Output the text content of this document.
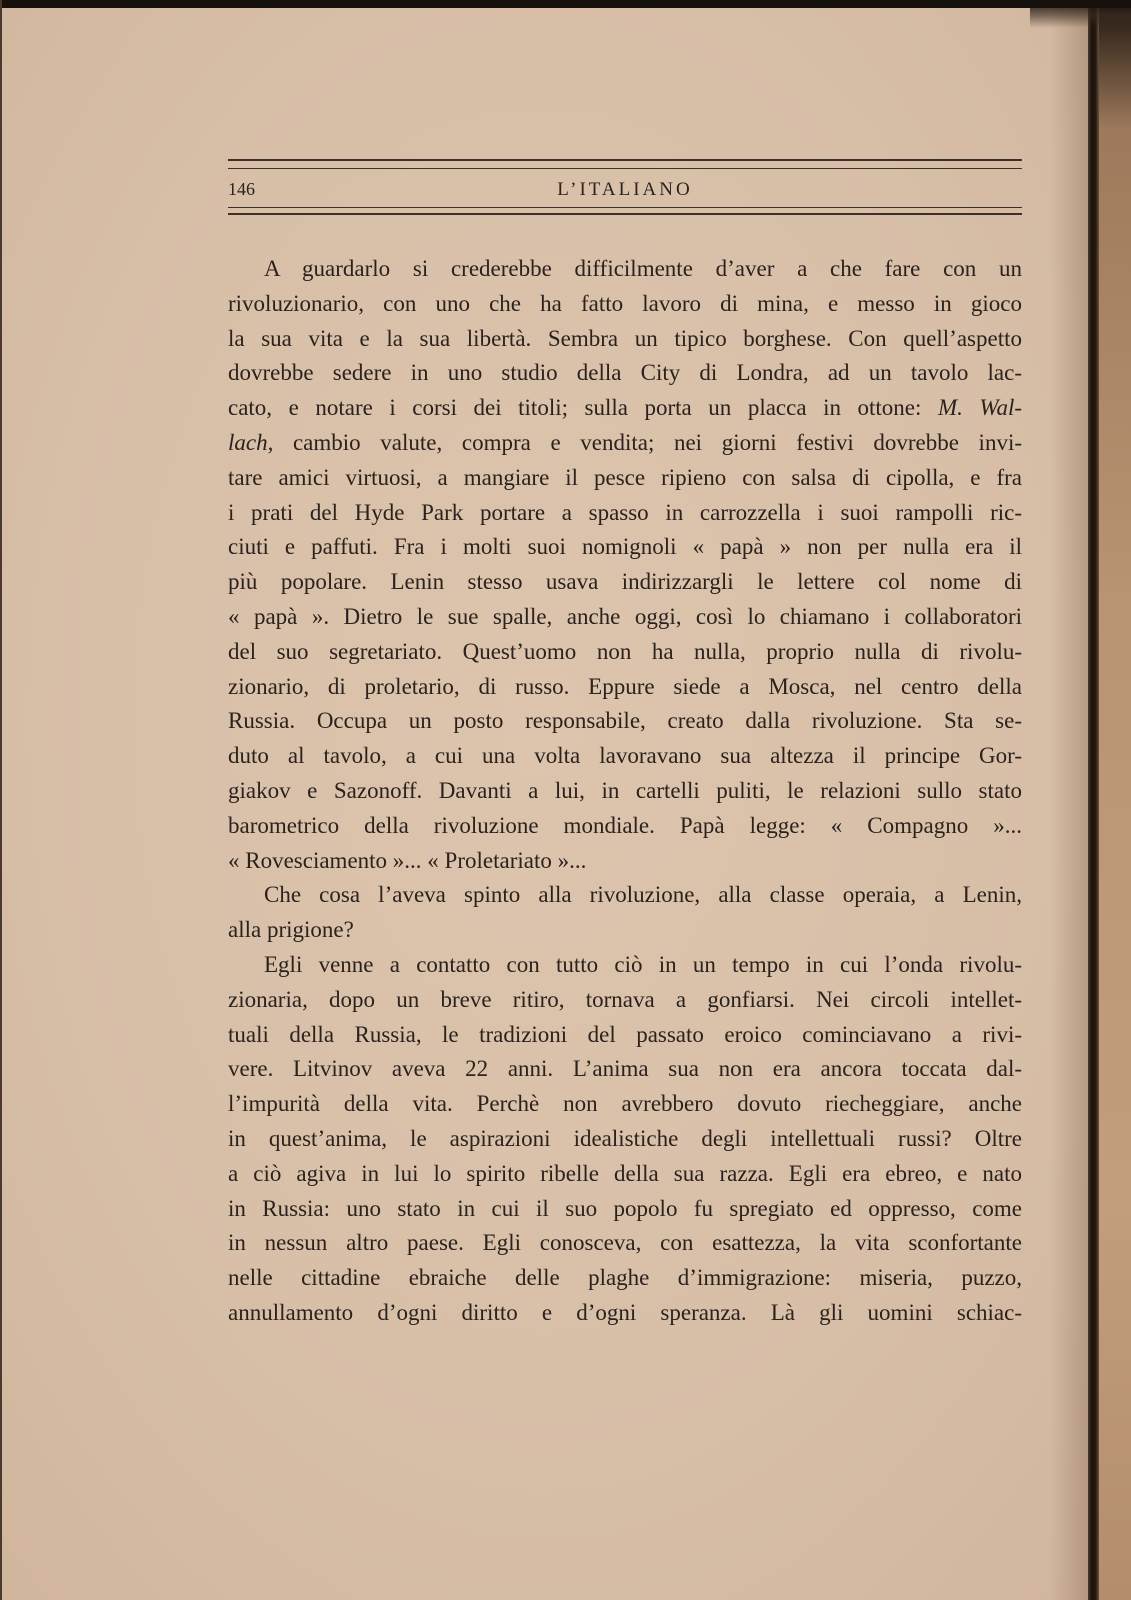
146	L’ITALIANO
A guardarlo si crederebbe difficilmente d’aver a che fare con un
rivoluzionario, con uno che ha fatto lavoro di mina, e messo in gioco
la sua vita e la sua libertà. Sembra un tipico borghese. Con quell’aspetto
dovrebbe sedere in uno studio della City di Londra, ad un tavolo lac-
cato, e notare i corsi dei titoli; sulla porta un placca in ottone: M. Wal-
lach, cambio valute, compra e vendita; nei giorni festivi dovrebbe invi-
tare amici virtuosi, a mangiare il pesce ripieno con salsa di cipolla, e fra
i prati del Hyde Park portare a spasso in carrozzella i suoi rampolli ric-
ciuti e paffuti. Fra i molti suoi nomignoli « papà » non per nulla era il
più popolare. Lenin stesso usava indirizzargli le lettere col nome di
« papà ». Dietro le sue spalle, anche oggi, così lo chiamano i collaboratori
del suo segretariato. Quest’uomo non ha nulla, proprio nulla di rivolu-
zionario, di proletario, di russo. Eppure siede a Mosca, nel centro della
Russia. Occupa un posto responsabile, creato dalla rivoluzione. Sta se-
duto al tavolo, a cui una volta lavoravano sua altezza il principe Gor-
giakov e Sazonoff. Davanti a lui, in cartelli puliti, le relazioni sullo stato
barometrico della rivoluzione mondiale. Papà legge: « Compagno »...
« Rovesciamento »... « Proletariato »...
Che cosa l’aveva spinto alla rivoluzione, alla classe operaia, a Lenin,
alla prigione?
Egli venne a contatto con tutto ciò in un tempo in cui l’onda rivolu-
zionaria, dopo un breve ritiro, tornava a gonfiarsi. Nei circoli intellet-
tuali della Russia, le tradizioni del passato eroico cominciavano a rivi-
vere. Litvinov aveva 22 anni. L’anima sua non era ancora toccata dal-
l’impurità della vita. Perchè non avrebbero dovuto riecheggiare, anche
in quest’anima, le aspirazioni idealistiche degli intellettuali russi? Oltre
a ciò agiva in lui lo spirito ribelle della sua razza. Egli era ebreo, e nato
in Russia: uno stato in cui il suo popolo fu spregiato ed oppresso, come
in nessun altro paese. Egli conosceva, con esattezza, la vita sconfortante
nelle cittadine ebraiche delle plaghe d’immigrazione: miseria, puzzo,
annullamento d’ogni diritto e d’ogni speranza. Là gli uomini schiac-
